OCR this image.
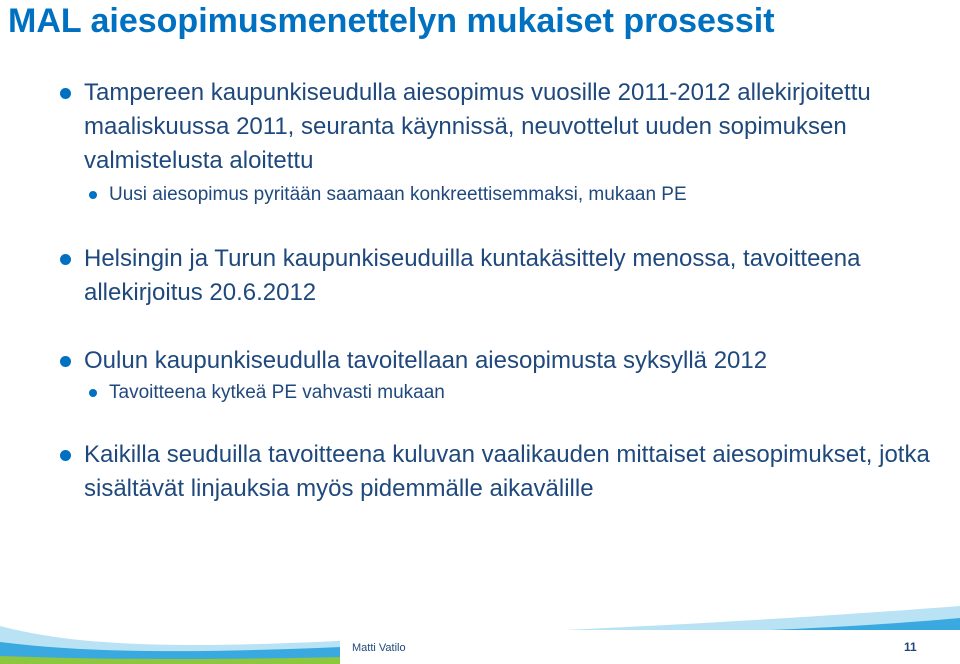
MAL aiesopimusmenettelyn mukaiset prosessit
Tampereen kaupunkiseudulla aiesopimus vuosille 2011-2012 allekirjoitettu maaliskuussa 2011, seuranta käynnissä, neuvottelut uuden sopimuksen valmistelusta aloitettu
Uusi aiesopimus pyritään saamaan konkreettisemmaksi, mukaan PE
Helsingin ja Turun kaupunkiseuduilla kuntakäsittely menossa, tavoitteena allekirjoitus 20.6.2012
Oulun kaupunkiseudulla tavoitellaan aiesopimusta syksyllä 2012
Tavoitteena kytkeä PE vahvasti mukaan
Kaikilla seuduilla tavoitteena kuluvan vaalikauden mittaiset aiesopimukset, jotka sisältävät linjauksia myös pidemmälle aikavälille
Matti Vatilo	11
